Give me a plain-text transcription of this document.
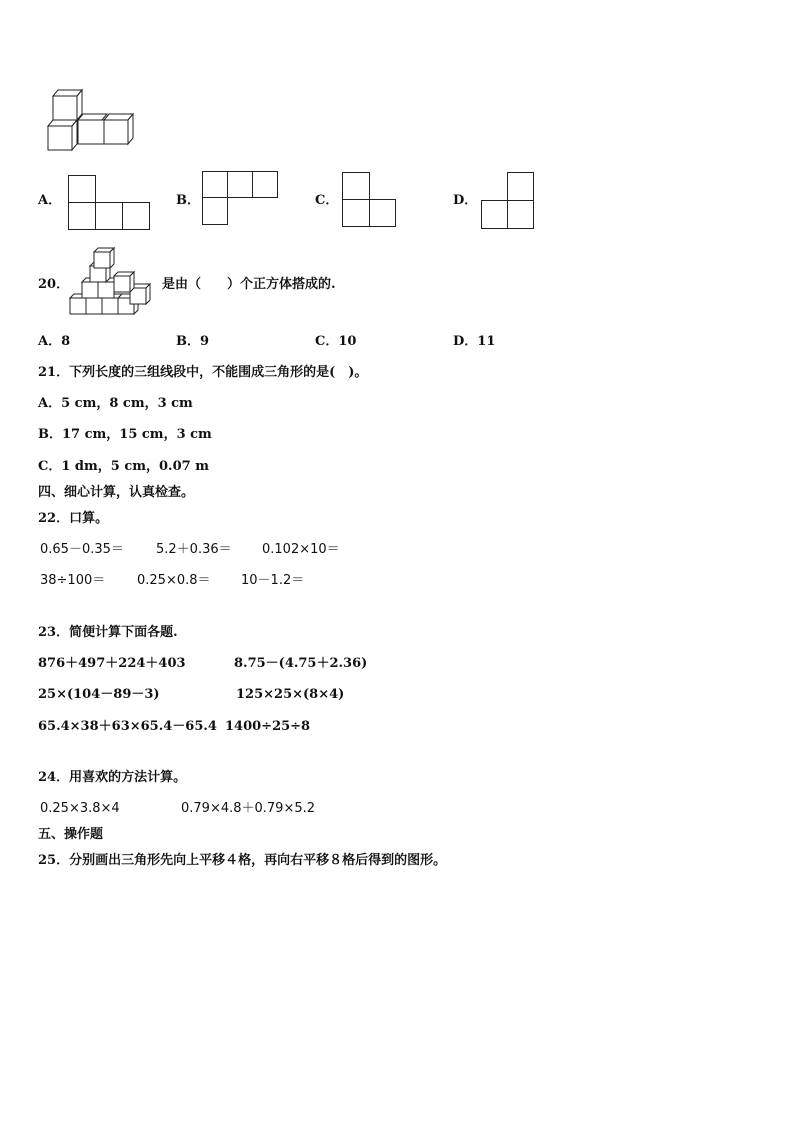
A．	B．	C．	D．
20．	是由（　　）个正方体搭成的.
A．8	B．9	C．10	D．11
21．下列长度的三组线段中，不能围成三角形的是(　)。
A．5 cm，8 cm，3 cm
B．17 cm，15 cm，3 cm
C．1 dm，5 cm，0.07 m
四、细心计算，认真检查。
22．口算。
0.65－0.35＝ 5.2＋0.36＝ 0.102×10＝
38÷100＝ 0.25×0.8＝ 10－1.2＝
23．简便计算下面各题.
876＋497＋224＋403	8.75－(4.75＋2.36)
25×(104－89－3)	125×25×(8×4)
65.4×38＋63×65.4－65.4 1400÷25÷8
24．用喜欢的方法计算。
0.25×3.8×4	0.79×4.8＋0.79×5.2
五、操作题
25．分别画出三角形先向上平移４格，再向右平移８格后得到的图形。
